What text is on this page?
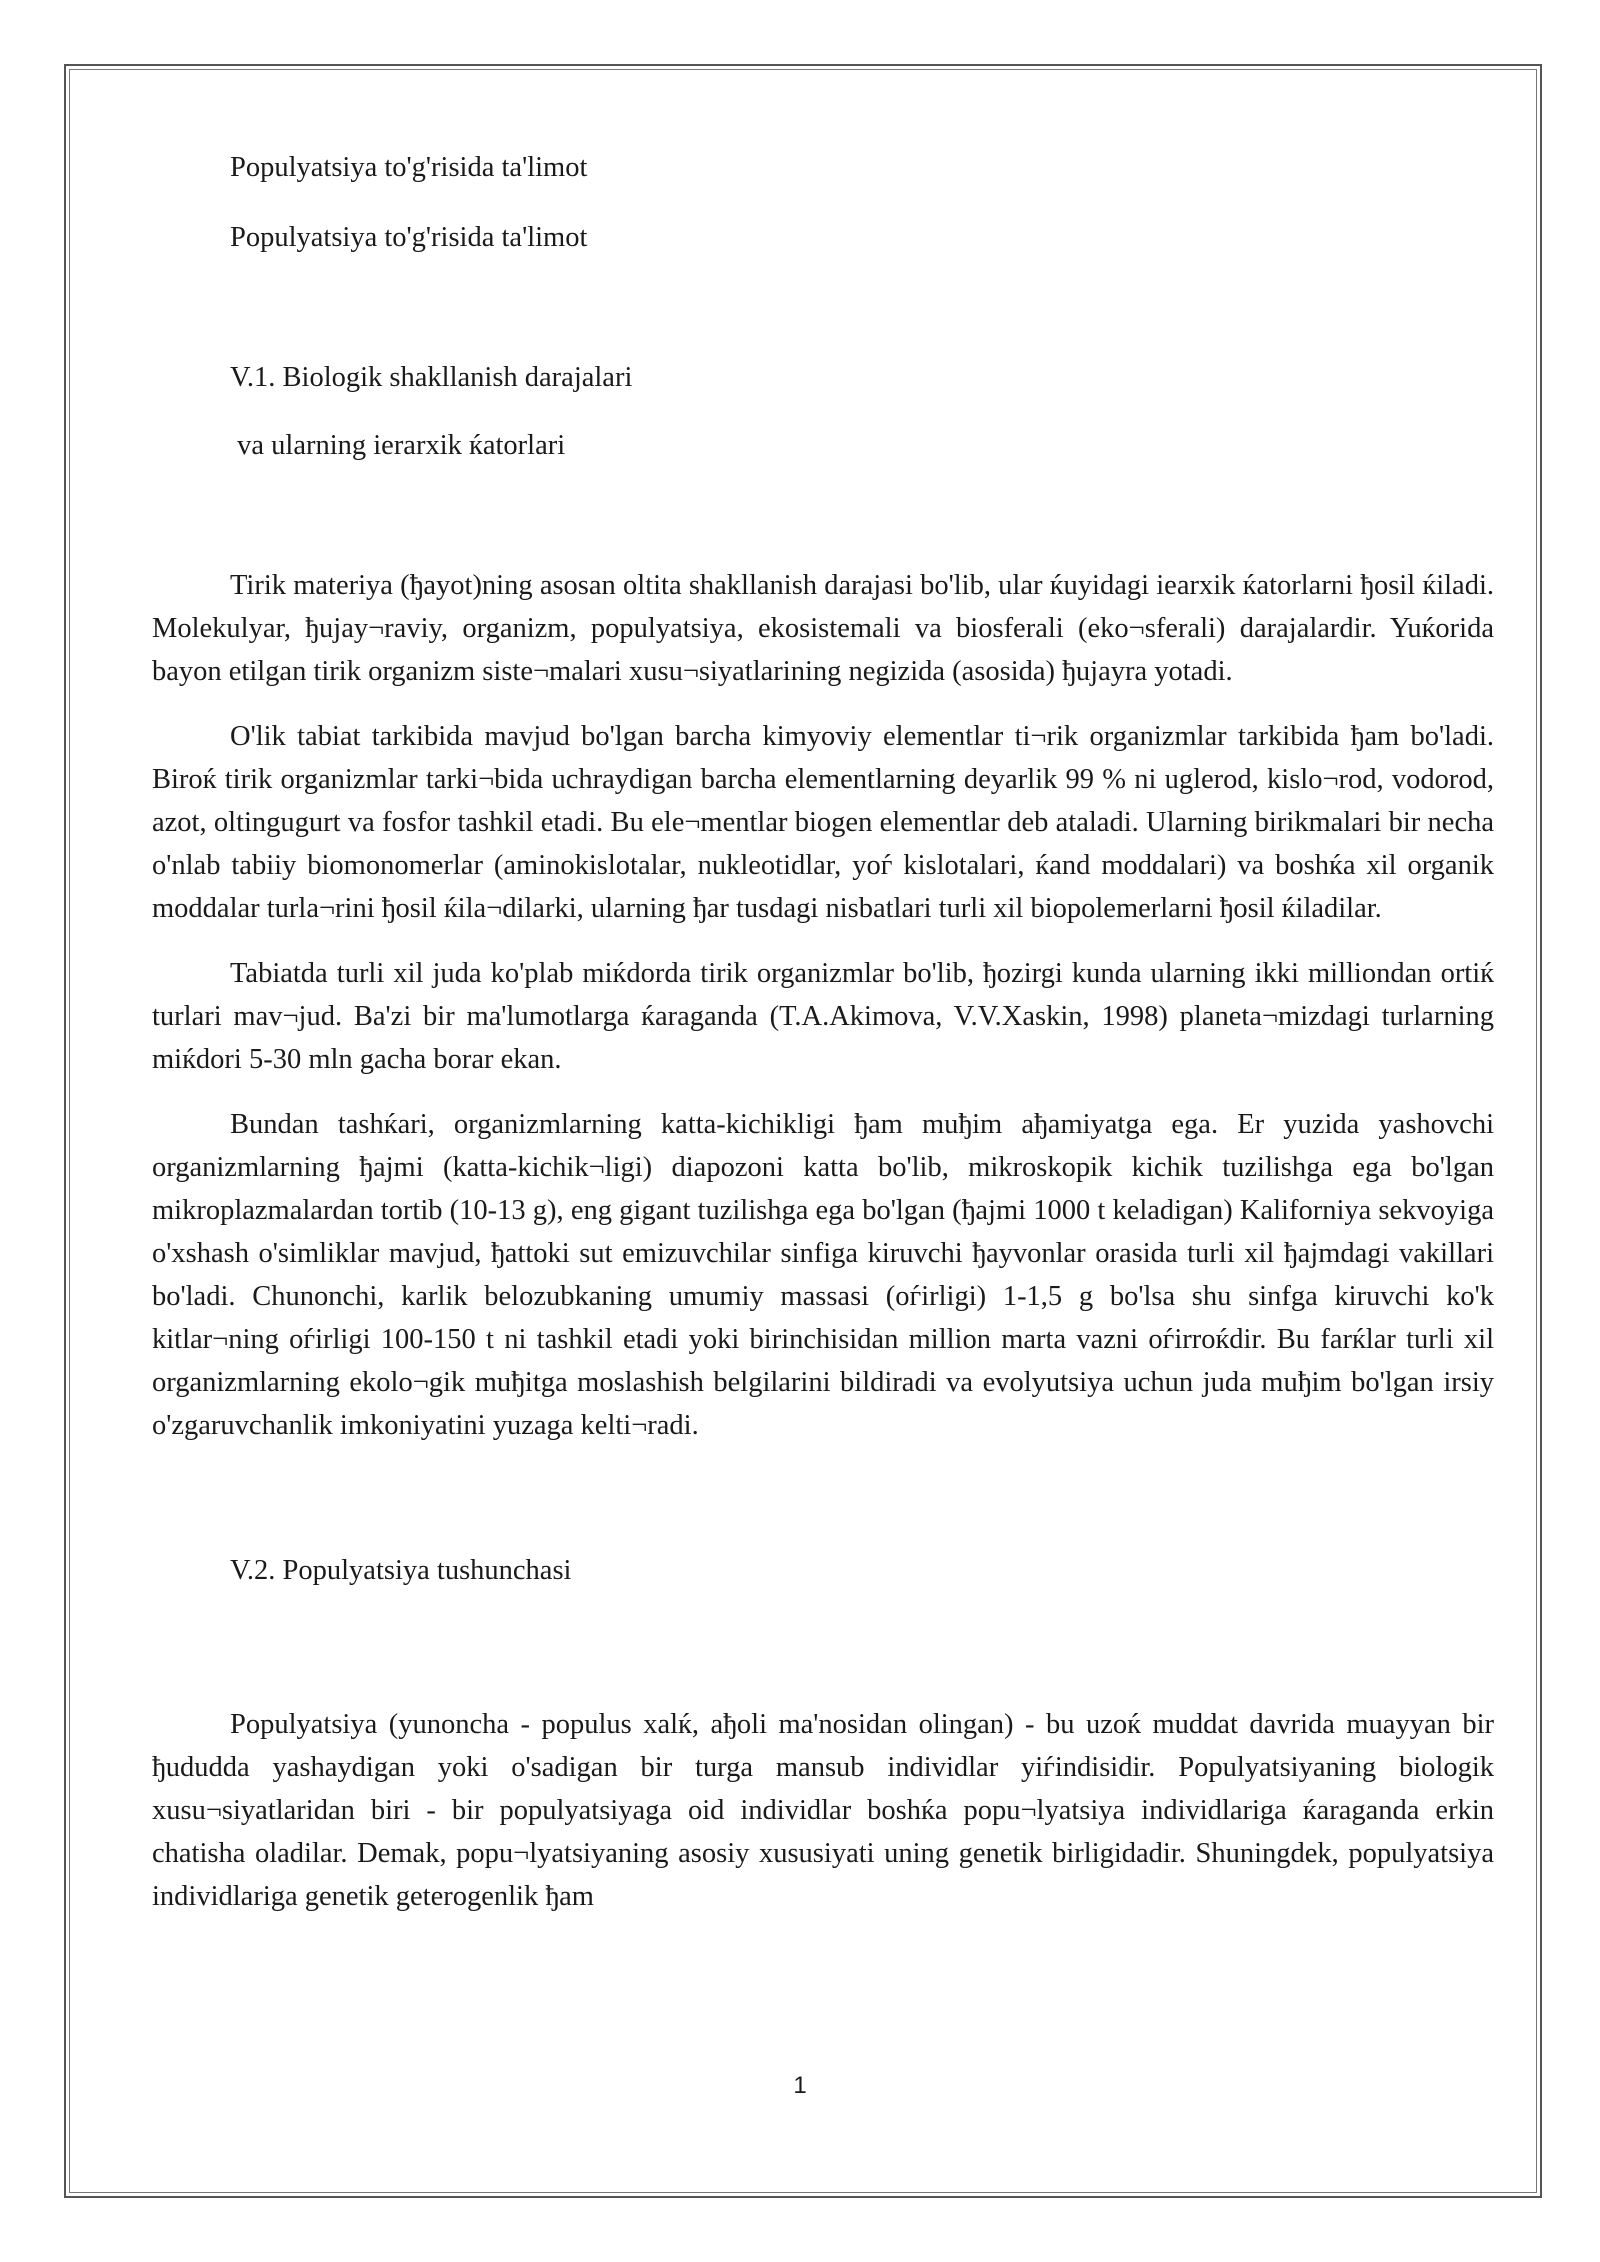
Populyatsiya to'g'risida ta'limot

Populyatsiya to'g'risida ta'limot

V.1. Biologik shakllanish darajalari

va ularning ierarxik ќatorlari

Tirik materiya (ђayot)ning asosan oltita shakllanish darajasi bo'lib, ular ќuyidagi iearxik ќatorlarni ђosil ќiladi. Molekulyar, ђujay¬raviy, organizm, populyatsiya, ekosistemali va biosferali (eko¬sferali) darajalardir. Yuќorida bayon etilgan tirik organizm siste¬malari xusu¬siyatlarining negizida (asosida) ђujayra yotadi.

O'lik tabiat tarkibida mavjud bo'lgan barcha kimyoviy elementlar ti¬rik organizmlar tarkibida ђam bo'ladi. Biroќ tirik organizmlar tarki¬bida uchraydigan barcha elementlarning deyarlik 99 % ni uglerod, kislo¬rod, vodorod, azot, oltingugurt va fosfor tashkil etadi. Bu ele¬mentlar biogen elementlar deb ataladi. Ularning birikmalari bir necha o'nlab tabiiy biomonomerlar (aminokislotalar, nukleotidlar, yoѓ kislotalari, ќand moddalari) va boshќa xil organik moddalar turla¬rini ђosil ќila¬dilarki, ularning ђar tusdagi nisbatlari turli xil biopolemerlarni ђosil ќiladilar.

Tabiatda turli xil juda ko'plab miќdorda tirik organizmlar bo'lib, ђozirgi kunda ularning ikki milliondan ortiќ turlari mav¬jud. Ba'zi bir ma'lumotlarga ќaraganda (T.A.Akimova, V.V.Xaskin, 1998) planeta¬mizdagi turlarning miќdori 5-30 mln gacha borar ekan.

Bundan tashќari, organizmlarning katta-kichikligi ђam muђim aђamiyatga ega. Er yuzida yashovchi organizmlarning ђajmi (katta-kichik¬ligi) diapozoni katta bo'lib, mikroskopik kichik tuzilishga ega bo'lgan mikroplazmalardan tortib (10-13 g), eng gigant tuzilishga ega bo'lgan (ђajmi 1000 t keladigan) Kaliforniya sekvoyiga o'xshash o'simliklar mavjud, ђattoki sut emizuvchilar sinfiga kiruvchi ђayvonlar orasida turli xil ђajmdagi vakillari bo'ladi. Chunonchi, karlik belozubkaning umumiy massasi (oѓirligi) 1-1,5 g bo'lsa shu sinfga kiruvchi ko'k kitlar¬ning oѓirligi 100-150 t ni tashkil etadi yoki birinchisidan million marta vazni oѓirroќdir. Bu farќlar turli xil organizmlarning ekolo¬gik muђitga moslashish belgilarini bildiradi va evolyutsiya uchun juda muђim bo'lgan irsiy o'zgaruvchanlik imkoniyatini yuzaga kelti¬radi.

V.2. Populyatsiya tushunchasi

Populyatsiya (yunoncha - populus xalќ, aђoli ma'nosidan olingan) - bu uzoќ muddat davrida muayyan bir ђududda yashaydigan yoki o'sadigan bir turga mansub individlar yiѓindisidir. Populyatsiyaning biologik xusu¬siyatlaridan biri - bir populyatsiyaga oid individlar boshќa popu¬lyatsiya individlariga ќaraganda erkin chatisha oladilar. Demak, popu¬lyatsiyaning asosiy xususiyati uning genetik birligidadir. Shuningdek, populyatsiya individlariga genetik geterogenlik ђam

1
